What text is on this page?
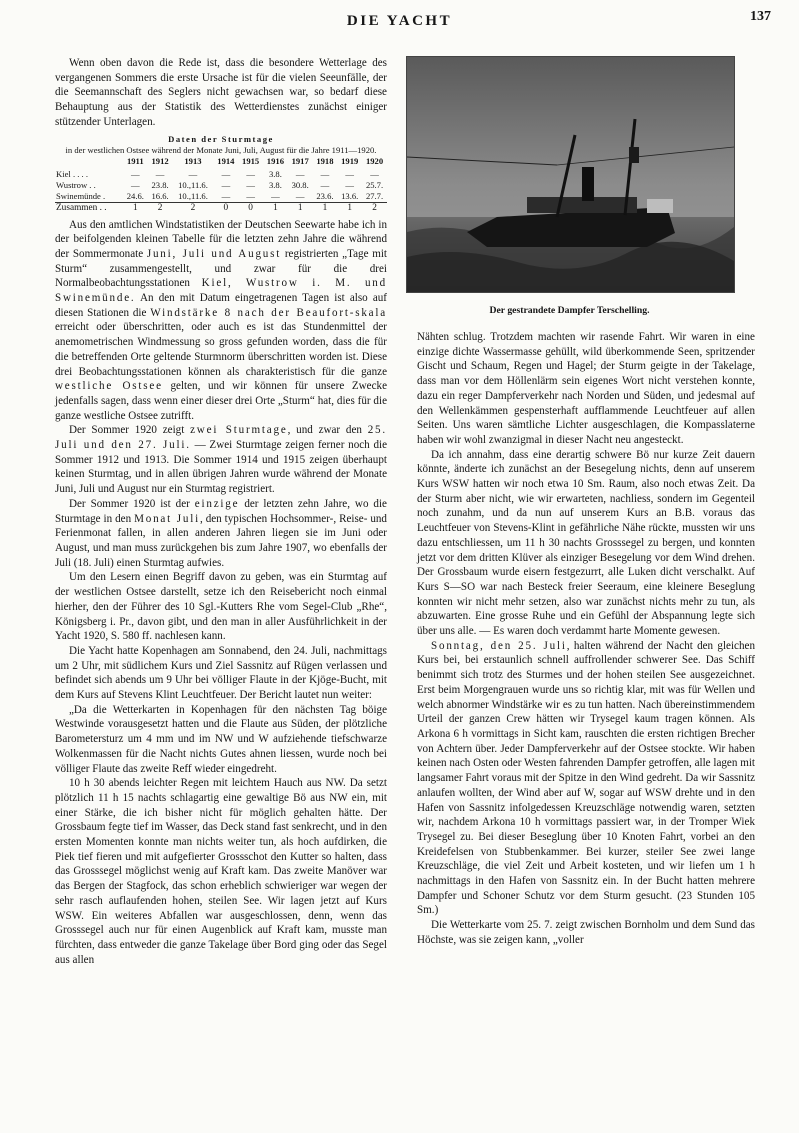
DIE YACHT	137

Wenn oben davon die Rede ist, dass die besondere Wetterlage des vergangenen Sommers die erste Ursache ist für die vielen Seeunfälle, der die Seemannschaft des Seglers nicht gewachsen war, so bedarf diese Behauptung aus der Statistik des Wetterdienstes zunächst einiger stützender Unterlagen.

Daten der Sturmtage
in der westlichen Ostsee während der Monate Juni, Juli, August für die Jahre 1911—1920.
	1911	1912	1913	1914	1915	1916	1917	1918	1919	1920
Kiel . . . .	—	—	—	—	—	3.8.	—	—	—	—
Wustrow . .	—	23.8.	10.,11.6.	—	—	3.8.	30.8.	—	—	25.7.
Swinemünde .	24.6.	16.6.	10.,11.6.	—	—	—	—	23.6.	13.6.	27.7.
Zusammen . .	1	2	2	0	0	1	1	1	1	2

Aus den amtlichen Windstatistiken der Deutschen Seewarte habe ich in der beifolgenden kleinen Tabelle für die letzten zehn Jahre die während der Sommermonate Juni, Juli und August registrierten „Tage mit Sturm“ zusammengestellt, und zwar für die drei Normalbeobachtungsstationen Kiel, Wustrow i. M. und Swinemünde. An den mit Datum eingetragenen Tagen ist also auf diesen Stationen die Windstärke 8 nach der Beaufort-skala erreicht oder überschritten, oder auch es ist das Stundenmittel der anemometrischen Windmessung so gross gefunden worden, dass die für die betreffenden Orte geltende Sturmnorm überschritten worden ist. Diese drei Beobachtungsstationen können als charakteristisch für die ganze westliche Ostsee gelten, und wir können für unsere Zwecke jedenfalls sagen, dass wenn einer dieser drei Orte „Sturm“ hat, dies für die ganze westliche Ostsee zutrifft.

Der Sommer 1920 zeigt zwei Sturmtage, und zwar den 25. Juli und den 27. Juli. — Zwei Sturmtage zeigen ferner noch die Sommer 1912 und 1913. Die Sommer 1914 und 1915 zeigen überhaupt keinen Sturmtag, und in allen übrigen Jahren wurde während der Monate Juni, Juli und August nur ein Sturmtag registriert.

Der Sommer 1920 ist der einzige der letzten zehn Jahre, wo die Sturmtage in den Monat Juli, den typischen Hochsommer-, Reise- und Ferienmonat fallen, in allen anderen Jahren liegen sie im Juni oder August, und man muss zurückgehen bis zum Jahre 1907, wo ebenfalls der Juli (18. Juli) einen Sturmtag aufwies.

Um den Lesern einen Begriff davon zu geben, was ein Sturmtag auf der westlichen Ostsee darstellt, setze ich den Reisebericht noch einmal hierher, den der Führer des 10 Sgl.-Kutters Rhe vom Segel-Club „Rhe“, Königsberg i. Pr., davon gibt, und den man in aller Ausführlichkeit in der Yacht 1920, S. 580 ff. nachlesen kann.

Die Yacht hatte Kopenhagen am Sonnabend, den 24. Juli, nachmittags um 2 Uhr, mit südlichem Kurs und Ziel Sassnitz auf Rügen verlassen und befindet sich abends um 9 Uhr bei völliger Flaute in der Kjöge-Bucht, mit dem Kurs auf Stevens Klint Leuchtfeuer. Der Bericht lautet nun weiter:

„Da die Wetterkarten in Kopenhagen für den nächsten Tag böige Westwinde vorausgesetzt hatten und die Flaute aus Süden, der plötzliche Barometersturz um 4 mm und im NW und W aufziehende tiefschwarze Wolkenmassen für die Nacht nichts Gutes ahnen liessen, wurde noch bei völliger Flaute das zweite Reff wieder eingedreht.

10 h 30 abends leichter Regen mit leichtem Hauch aus NW. Da setzt plötzlich 11 h 15 nachts schlagartig eine gewaltige Bö aus NW ein, mit einer Stärke, die ich bisher nicht für möglich gehalten hätte. Der Grossbaum fegte tief im Wasser, das Deck stand fast senkrecht, und in den ersten Momenten konnte man nichts weiter tun, als hoch aufdirken, die Piek tief fieren und mit aufgefierter Grossschot den Kutter so halten, dass das Grosssegel möglichst wenig auf Kraft kam. Das zweite Manöver war das Bergen der Stagfock, das schon erheblich schwieriger war wegen der sehr rasch auflaufenden hohen, steilen See. Wir lagen jetzt auf Kurs WSW. Ein weiteres Abfallen war ausgeschlossen, denn, wenn das Grosssegel auch nur für einen Augenblick auf Kraft kam, musste man fürchten, dass entweder die ganze Takelage über Bord ging oder das Segel aus allen

Der gestrandete Dampfer Terschelling.

Nähten schlug. Trotzdem machten wir rasende Fahrt. Wir waren in eine einzige dichte Wassermasse gehüllt, wild überkommende Seen, spritzender Gischt und Schaum, Regen und Hagel; der Sturm geigte in der Takelage, dass man vor dem Höllenlärm sein eigenes Wort nicht verstehen konnte, dazu ein reger Dampferverkehr nach Norden und Süden, und jedesmal auf den Wellenkämmen gespensterhaft aufflammende Leuchtfeuer auf allen Seiten. Uns waren sämtliche Lichter ausgeschlagen, die Kompasslaterne haben wir wohl zwanzigmal in dieser Nacht neu angesteckt.

Da ich annahm, dass eine derartig schwere Bö nur kurze Zeit dauern könnte, änderte ich zunächst an der Besegelung nichts, denn auf unserem Kurs WSW hatten wir noch etwa 10 Sm. Raum, also noch etwas Zeit. Da der Sturm aber nicht, wie wir erwarteten, nachliess, sondern im Gegenteil noch zunahm, und da nun auf unserem Kurs an B.B. voraus das Leuchtfeuer von Stevens-Klint in gefährliche Nähe rückte, mussten wir uns dazu entschliessen, um 11 h 30 nachts Grosssegel zu bergen, und konnten jetzt vor dem dritten Klüver als einziger Besegelung vor dem Wind drehen. Der Grossbaum wurde eisern festgezurrt, alle Luken dicht verschalkt. Auf Kurs S—SO war nach Besteck freier Seeraum, eine kleinere Beseglung konnten wir nicht mehr setzen, also war zunächst nichts mehr zu tun, als abzuwarten. Eine grosse Ruhe und ein Gefühl der Abspannung legte sich über uns alle. — Es waren doch verdammt harte Momente gewesen.

Sonntag, den 25. Juli, halten während der Nacht den gleichen Kurs bei, bei erstaunlich schnell auffrollender schwerer See. Das Schiff benimmt sich trotz des Sturmes und der hohen steilen See ausgezeichnet. Erst beim Morgengrauen wurde uns so richtig klar, mit was für Wellen und welch abnormer Windstärke wir es zu tun hatten. Nach übereinstimmendem Urteil der ganzen Crew hätten wir Trysegel kaum tragen können. Als Arkona 6 h vormittags in Sicht kam, rauschten die ersten richtigen Brecher von Achtern über. Jeder Dampferverkehr auf der Ostsee stockte. Wir haben keinen nach Osten oder Westen fahrenden Dampfer getroffen, alle lagen mit langsamer Fahrt voraus mit der Spitze in den Wind gedreht. Da wir Sassnitz anlaufen wollten, der Wind aber auf W, sogar auf WSW drehte und in den Hafen von Sassnitz infolgedessen Kreuzschläge notwendig waren, setzten wir, nachdem Arkona 10 h vormittags passiert war, in der Tromper Wiek Trysegel zu. Bei dieser Beseglung über 10 Knoten Fahrt, vorbei an den Kreidefelsen von Stubbenkammer. Bei kurzer, steiler See zwei lange Kreuzschläge, die viel Zeit und Arbeit kosteten, und wir liefen um 1 h nachmittags in den Hafen von Sassnitz ein. In der Bucht hatten mehrere Dampfer und Schoner Schutz vor dem Sturm gesucht. (23 Stunden 105 Sm.)

Die Wetterkarte vom 25. 7. zeigt zwischen Bornholm und dem Sund das Höchste, was sie zeigen kann, „voller
